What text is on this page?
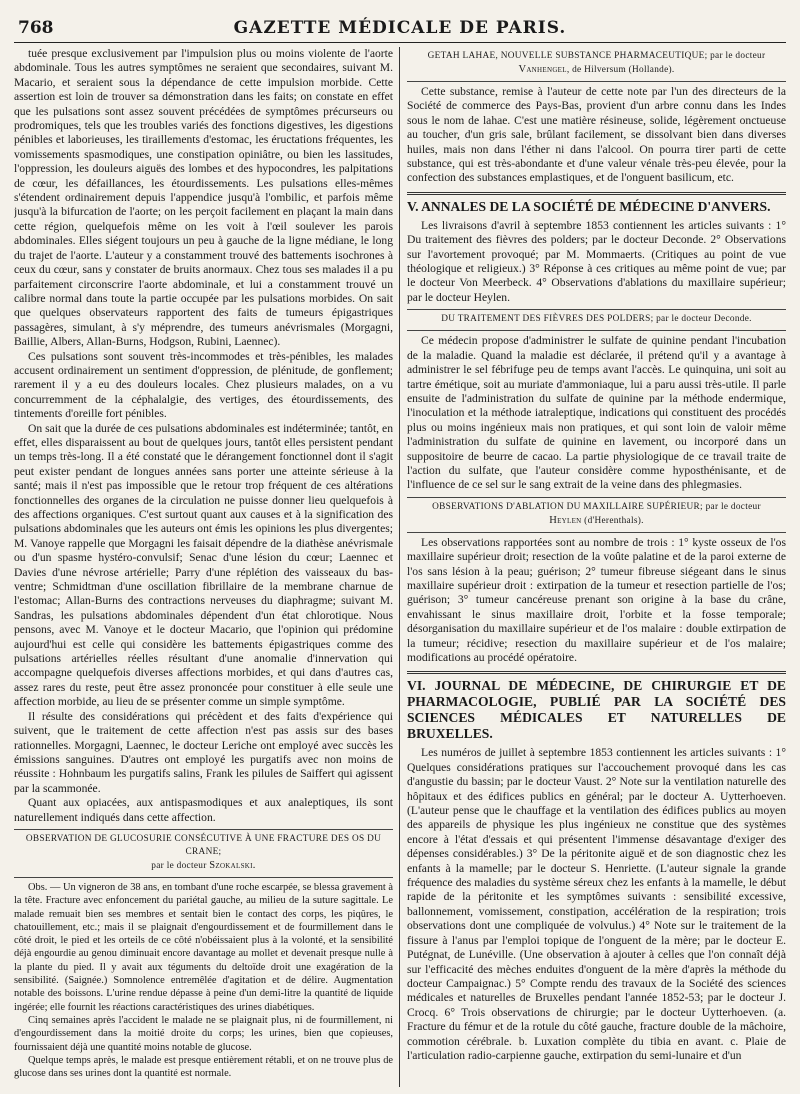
768	GAZETTE MÉDICALE DE PARIS.

tuée presque exclusivement par l'impulsion plus ou moins violente de l'aorte abdominale. Tous les autres symptômes ne seraient que secondaires, suivant M. Macario, et seraient sous la dépendance de cette impulsion morbide. Cette assertion est loin de trouver sa démonstration dans les faits; on constate en effet que les pulsations sont assez souvent précédées de symptômes précurseurs ou prodromiques, tels que les troubles variés des fonctions digestives, les digestions pénibles et laborieuses, les tiraillements d'estomac, les éructations fréquentes, les vomissements spasmodiques, une constipation opiniâtre, ou bien les lassitudes, l'oppression, les douleurs aiguës des lombes et des hypocondres, les palpitations de cœur, les défaillances, les étourdissements. Les pulsations elles-mêmes s'étendent ordinairement depuis l'appendice jusqu'à l'ombilic, et parfois même jusqu'à la bifurcation de l'aorte; on les perçoit facilement en plaçant la main dans cette région, quelquefois même on les voit à l'œil soulever les parois abdominales. Elles siégent toujours un peu à gauche de la ligne médiane, le long du trajet de l'aorte. L'auteur y a constamment trouvé des battements isochrones à ceux du cœur, sans y constater de bruits anormaux. Chez tous ses malades il a pu parfaitement circonscrire l'aorte abdominale, et lui a constamment trouvé un calibre normal dans toute la partie occupée par les pulsations morbides. On sait que quelques observateurs rapportent des faits de tumeurs épigastriques passagères, simulant, à s'y méprendre, des tumeurs anévrismales (Morgagni, Baillie, Albers, Allan-Burns, Hodgson, Rubini, Laennec).

Ces pulsations sont souvent très-incommodes et très-pénibles, les malades accusent ordinairement un sentiment d'oppression, de plénitude, de gonflement; rarement il y a eu des douleurs locales. Chez plusieurs malades, on a vu concurremment de la céphalalgie, des vertiges, des étourdissements, des tintements d'oreille fort pénibles.

On sait que la durée de ces pulsations abdominales est indéterminée; tantôt, en effet, elles disparaissent au bout de quelques jours, tantôt elles persistent pendant un temps très-long. Il a été constaté que le dérangement fonctionnel dont il s'agit peut exister pendant de longues années sans porter une atteinte sérieuse à la santé; mais il n'est pas impossible que le retour trop fréquent de ces altérations fonctionnelles des organes de la circulation ne puisse donner lieu quelquefois à des affections organiques. C'est surtout quant aux causes et à la signification des pulsations abdominales que les auteurs ont émis les opinions les plus divergentes; M. Vanoye rappelle que Morgagni les faisait dépendre de la diathèse anévrismale ou d'un spasme hystéro-convulsif; Senac d'une lésion du cœur; Laennec et Davies d'une névrose artérielle; Parry d'une réplétion des vaisseaux du bas-ventre; Schmidtman d'une oscillation fibrillaire de la membrane charnue de l'estomac; Allan-Burns des contractions nerveuses du diaphragme; suivant M. Sandras, les pulsations abdominales dépendent d'un état chlorotique. Nous pensons, avec M. Vanoye et le docteur Macario, que l'opinion qui prédomine aujourd'hui est celle qui considère les battements épigastriques comme des pulsations artérielles réelles résultant d'une anomalie d'innervation qui accompagne quelquefois diverses affections morbides, et qui dans d'autres cas, assez rares du reste, peut être assez prononcée pour constituer à elle seule une affection morbide, au lieu de se présenter comme un simple symptôme.

Il résulte des considérations qui précèdent et des faits d'expérience qui suivent, que le traitement de cette affection n'est pas assis sur des bases rationnelles. Morgagni, Laennec, le docteur Leriche ont employé avec succès les émissions sanguines. D'autres ont employé les purgatifs avec non moins de réussite : Hohnbaum les purgatifs salins, Frank les pilules de Saiffert qui agissent par la scammonée.

Quant aux opiacées, aux antispasmodiques et aux analeptiques, ils sont naturellement indiqués dans cette affection.

OBSERVATION DE GLUCOSURIE CONSÉCUTIVE À UNE FRACTURE DES OS DU CRANE;
par le docteur Szokalski.

Obs. — Un vigneron de 38 ans, en tombant d'une roche escarpée, se blessa gravement à la tête. Fracture avec enfoncement du pariétal gauche, au milieu de la suture sagittale. Le malade remuait bien ses membres et sentait bien le contact des corps, les piqûres, le chatouillement, etc.; mais il se plaignait d'engourdissement et de fourmillement dans le côté droit, le pied et les orteils de ce côté n'obéissaient plus à la volonté, et la sensibilité déjà engourdie au genou diminuait encore davantage au mollet et devenait presque nulle à la plante du pied. Il y avait aux téguments du deltoïde droit une exagération de la sensibilité. (Saignée.) Somnolence entremêlée d'agitation et de délire. Augmentation notable des boissons. L'urine rendue dépasse à peine d'un demi-litre la quantité de liquide ingérée; elle fournit les réactions caractéristiques des urines diabétiques.

Cinq semaines après l'accident le malade ne se plaignait plus, ni de fourmillement, ni d'engourdissement dans la moitié droite du corps; les urines, bien que copieuses, fournissaient déjà une quantité moins notable de glucose.

Quelque temps après, le malade est presque entièrement rétabli, et on ne trouve plus de glucose dans ses urines dont la quantité est normale.

GETAH LAHAE, NOUVELLE SUBSTANCE PHARMACEUTIQUE; par le docteur
Vanhengel, de Hilversum (Hollande).

Cette substance, remise à l'auteur de cette note par l'un des directeurs de la Société de commerce des Pays-Bas, provient d'un arbre connu dans les Indes sous le nom de lahae. C'est une matière résineuse, solide, légèrement onctueuse au toucher, d'un gris sale, brûlant facilement, se dissolvant bien dans diverses huiles, mais non dans l'éther ni dans l'alcool. On pourra tirer parti de cette substance, qui est très-abondante et d'une valeur vénale très-peu élevée, pour la confection des substances emplastiques, et de l'onguent basilicum, etc.

V. ANNALES DE LA SOCIÉTÉ DE MÉDECINE D'ANVERS.

Les livraisons d'avril à septembre 1853 contiennent les articles suivants : 1° Du traitement des fièvres des polders; par le docteur Deconde. 2° Observations sur l'avortement provoqué; par M. Mommaerts. (Critiques au point de vue théologique et religieux.) 3° Réponse à ces critiques au même point de vue; par le docteur Von Meerbeck. 4° Observations d'ablations du maxillaire supérieur; par le docteur Heylen.

DU TRAITEMENT DES FIÈVRES DES POLDERS; par le docteur Deconde.

Ce médecin propose d'administrer le sulfate de quinine pendant l'incubation de la maladie. Quand la maladie est déclarée, il prétend qu'il y a avantage à administrer le sel fébrifuge peu de temps avant l'accès. Le quinquina, uni soit au tartre émétique, soit au muriate d'ammoniaque, lui a paru aussi très-utile. Il parle ensuite de l'administration du sulfate de quinine par la méthode endermique, l'inoculation et la méthode iatraleptique, indications qui constituent des procédés plus ou moins ingénieux mais non pratiques, et qui sont loin de valoir même l'administration du sulfate de quinine en lavement, ou incorporé dans un suppositoire de beurre de cacao. La partie physiologique de ce travail traite de l'action du sulfate, que l'auteur considère comme hyposthénisante, et de l'influence de ce sel sur le sang extrait de la veine dans des phlegmasies.

OBSERVATIONS D'ABLATION DU MAXILLAIRE SUPÉRIEUR; par le docteur
Heylen (d'Herenthals).

Les observations rapportées sont au nombre de trois : 1° kyste osseux de l'os maxillaire supérieur droit; resection de la voûte palatine et de la paroi externe de l'os sans lésion à la peau; guérison; 2° tumeur fibreuse siégeant dans le sinus maxillaire supérieur droit : extirpation de la tumeur et resection partielle de l'os; guérison; 3° tumeur cancéreuse prenant son origine à la base du crâne, envahissant le sinus maxillaire droit, l'orbite et la fosse temporale; désorganisation du maxillaire supérieur et de l'os malaire : double extirpation de la tumeur; récidive; resection du maxillaire supérieur et de l'os malaire; modifications au procédé opératoire.

VI. JOURNAL DE MÉDECINE, DE CHIRURGIE ET DE PHARMACOLOGIE, PUBLIÉ PAR LA SOCIÉTÉ DES SCIENCES MÉDICALES ET NATURELLES DE BRUXELLES.

Les numéros de juillet à septembre 1853 contiennent les articles suivants : 1° Quelques considérations pratiques sur l'accouchement provoqué dans les cas d'angustie du bassin; par le docteur Vaust. 2° Note sur la ventilation naturelle des hôpitaux et des édifices publics en général; par le docteur A. Uytterhoeven. (L'auteur pense que le chauffage et la ventilation des édifices publics au moyen des appareils de physique les plus ingénieux ne constitue que des systèmes encore à l'état d'essais et qui présentent l'immense désavantage d'exiger des dépenses considérables.) 3° De la péritonite aiguë et de son diagnostic chez les enfants à la mamelle; par le docteur S. Henriette. (L'auteur signale la grande fréquence des maladies du système séreux chez les enfants à la mamelle, le début rapide de la péritonite et les symptômes suivants : sensibilité excessive, ballonnement, vomissement, constipation, accélération de la respiration; trois observations dont une compliquée de volvulus.) 4° Note sur le traitement de la fissure à l'anus par l'emploi topique de l'onguent de la mère; par le docteur E. Putégnat, de Lunéville. (Une observation à ajouter à celles que l'on connaît déjà sur l'efficacité des mèches enduites d'onguent de la mère d'après la méthode du docteur Campaignac.) 5° Compte rendu des travaux de la Société des sciences médicales et naturelles de Bruxelles pendant l'année 1852-53; par le docteur J. Crocq. 6° Trois observations de chirurgie; par le docteur Uytterhoeven. (a. Fracture du fémur et de la rotule du côté gauche, fracture double de la mâchoire, commotion cérébrale. b. Luxation complète du tibia en avant. c. Plaie de l'articulation radio-carpienne gauche, extirpation du semi-lunaire et d'un
